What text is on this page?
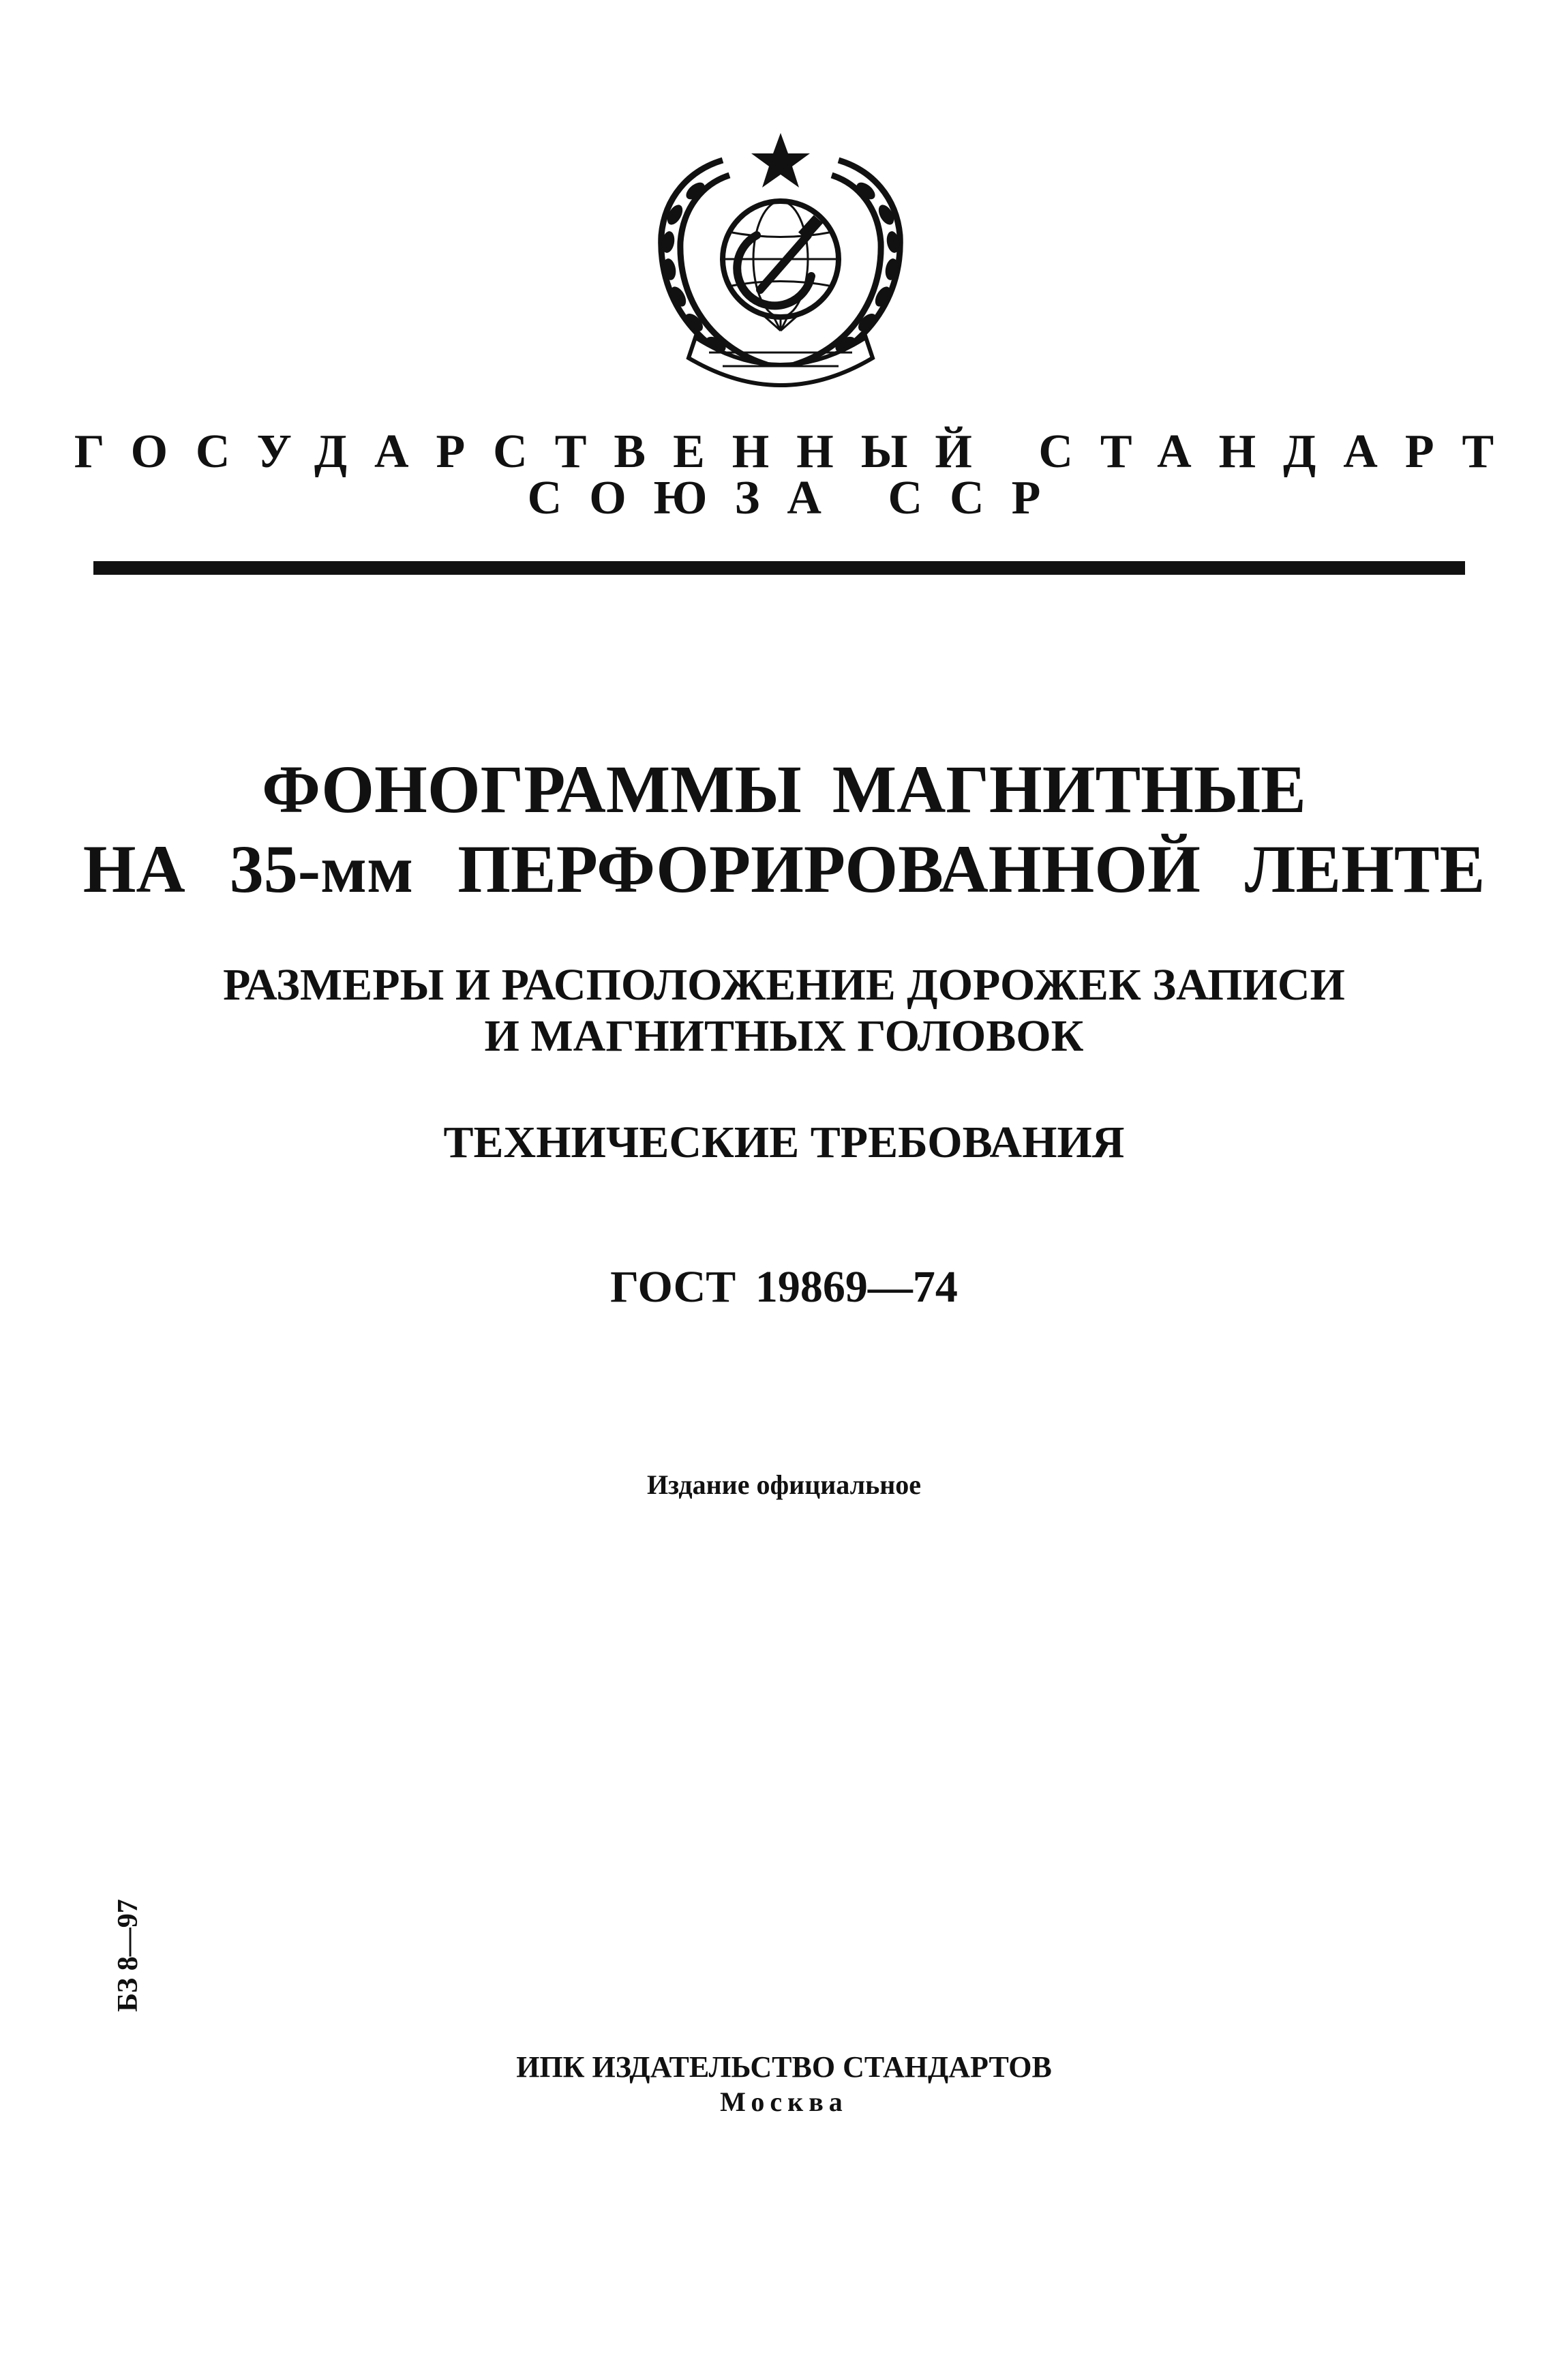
ГОСУДАРСТВЕННЫЙ СТАНДАРТ
СОЮЗА ССР
ФОНОГРАММЫ МАГНИТНЫЕ
НА 35-мм ПЕРФОРИРОВАННОЙ ЛЕНТЕ
РАЗМЕРЫ И РАСПОЛОЖЕНИЕ ДОРОЖЕК ЗАПИСИ
И МАГНИТНЫХ ГОЛОВОК
ТЕХНИЧЕСКИЕ ТРЕБОВАНИЯ
ГОСТ 19869—74
Издание официальное
БЗ 8—97
ИПК ИЗДАТЕЛЬСТВО СТАНДАРТОВ
Москва
